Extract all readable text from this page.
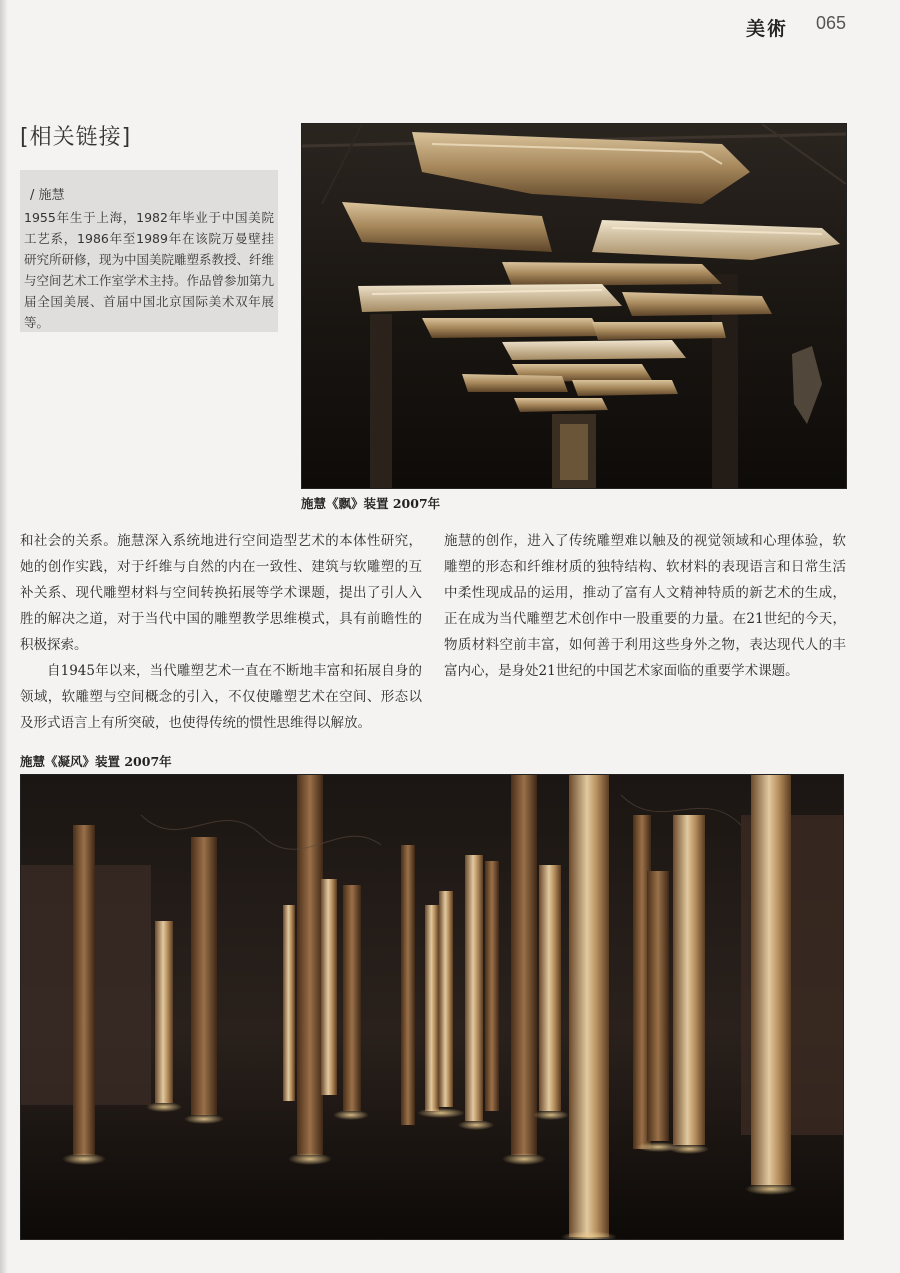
美術 065
[相关链接]
/ 施慧
1955年生于上海，1982年毕业于中国美院工艺系，1986年至1989年在该院万曼壁挂研究所研修，现为中国美院雕塑系教授、纤维与空间艺术工作室学术主持。作品曾参加第九届全国美展、首届中国北京国际美术双年展等。
施慧《飘》装置 2007年

和社会的关系。施慧深入系统地进行空间造型艺术的本体性研究，她的创作实践，对于纤维与自然的内在一致性、建筑与软雕塑的互补关系、现代雕塑材料与空间转换拓展等学术课题，提出了引人入胜的解决之道，对于当代中国的雕塑教学思维模式，具有前瞻性的积极探索。

自1945年以来，当代雕塑艺术一直在不断地丰富和拓展自身的领域，软雕塑与空间概念的引入，不仅使雕塑艺术在空间、形态以及形式语言上有所突破，也使得传统的惯性思维得以解放。

施慧的创作，进入了传统雕塑难以触及的视觉领域和心理体验，软雕塑的形态和纤维材质的独特结构、软材料的表现语言和日常生活中柔性现成品的运用，推动了富有人文精神特质的新艺术的生成，正在成为当代雕塑艺术创作中一股重要的力量。在21世纪的今天，物质材料空前丰富，如何善于利用这些身外之物，表达现代人的丰富内心，是身处21世纪的中国艺术家面临的重要学术课题。

施慧《凝风》装置 2007年
